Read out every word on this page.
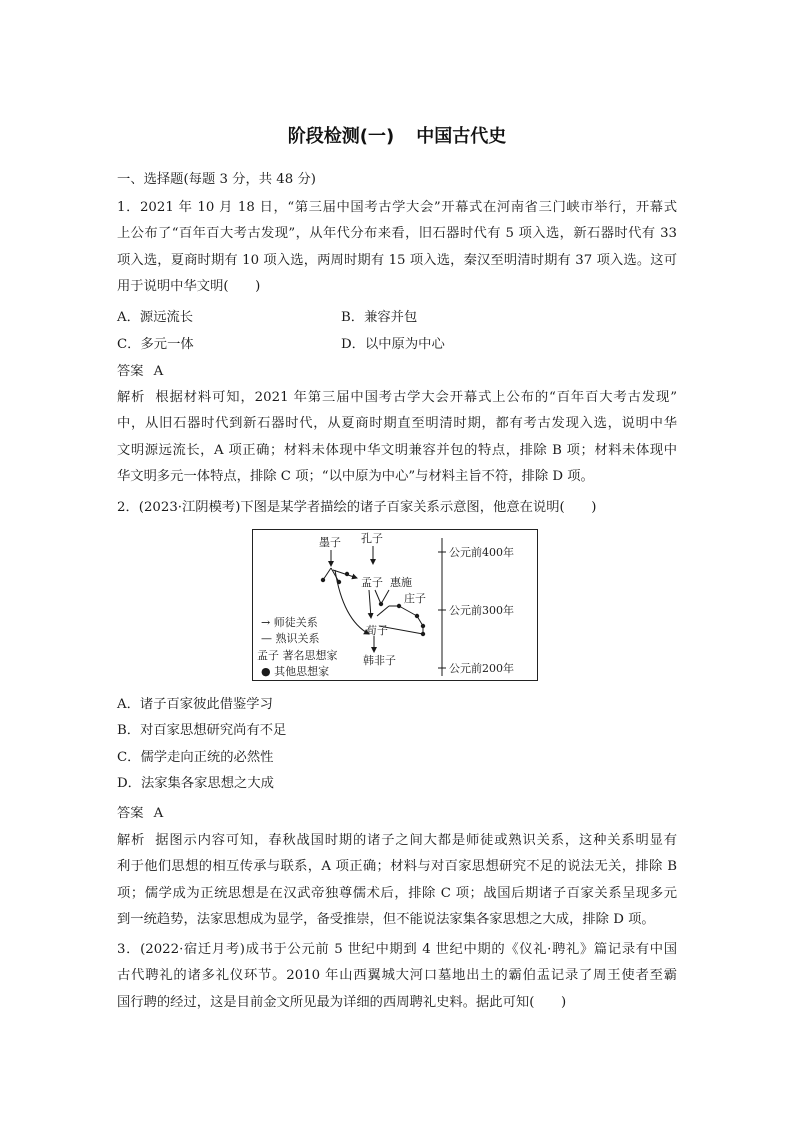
阶段检测(一) 中国古代史
一、选择题(每题 3 分，共 48 分)
1．2021 年 10 月 18 日，“第三届中国考古学大会”开幕式在河南省三门峡市举行，开幕式
上公布了“百年百大考古发现”，从年代分布来看，旧石器时代有 5 项入选，新石器时代有 33
项入选，夏商时期有 10 项入选，两周时期有 15 项入选，秦汉至明清时期有 37 项入选。这可
用于说明中华文明(　　)
A．源远流长	B．兼容并包
C．多元一体	D．以中原为中心
答案 A
解析 根据材料可知，2021 年第三届中国考古学大会开幕式上公布的“百年百大考古发现”
中，从旧石器时代到新石器时代，从夏商时期直至明清时期，都有考古发现入选，说明中华
文明源远流长，A 项正确；材料未体现中华文明兼容并包的特点，排除 B 项；材料未体现中
华文明多元一体特点，排除 C 项；“以中原为中心”与材料主旨不符，排除 D 项。
2．(2023·江阴模考)下图是某学者描绘的诸子百家关系示意图，他意在说明(　　)
墨子 孔子
孟子 惠施
庄子
荀子
韩非子
公元前400年
公元前300年
公元前200年
→ 师徒关系
— 熟识关系
孟子 著名思想家
● 其他思想家
A．诸子百家彼此借鉴学习
B．对百家思想研究尚有不足
C．儒学走向正统的必然性
D．法家集各家思想之大成
答案 A
解析 据图示内容可知，春秋战国时期的诸子之间大都是师徒或熟识关系，这种关系明显有
利于他们思想的相互传承与联系，A 项正确；材料与对百家思想研究不足的说法无关，排除 B
项；儒学成为正统思想是在汉武帝独尊儒术后，排除 C 项；战国后期诸子百家关系呈现多元
到一统趋势，法家思想成为显学，备受推崇，但不能说法家集各家思想之大成，排除 D 项。
3．(2022·宿迁月考)成书于公元前 5 世纪中期到 4 世纪中期的《仪礼·聘礼》篇记录有中国
古代聘礼的诸多礼仪环节。2010 年山西翼城大河口墓地出土的霸伯盂记录了周王使者至霸
国行聘的经过，这是目前金文所见最为详细的西周聘礼史料。据此可知(　　)
